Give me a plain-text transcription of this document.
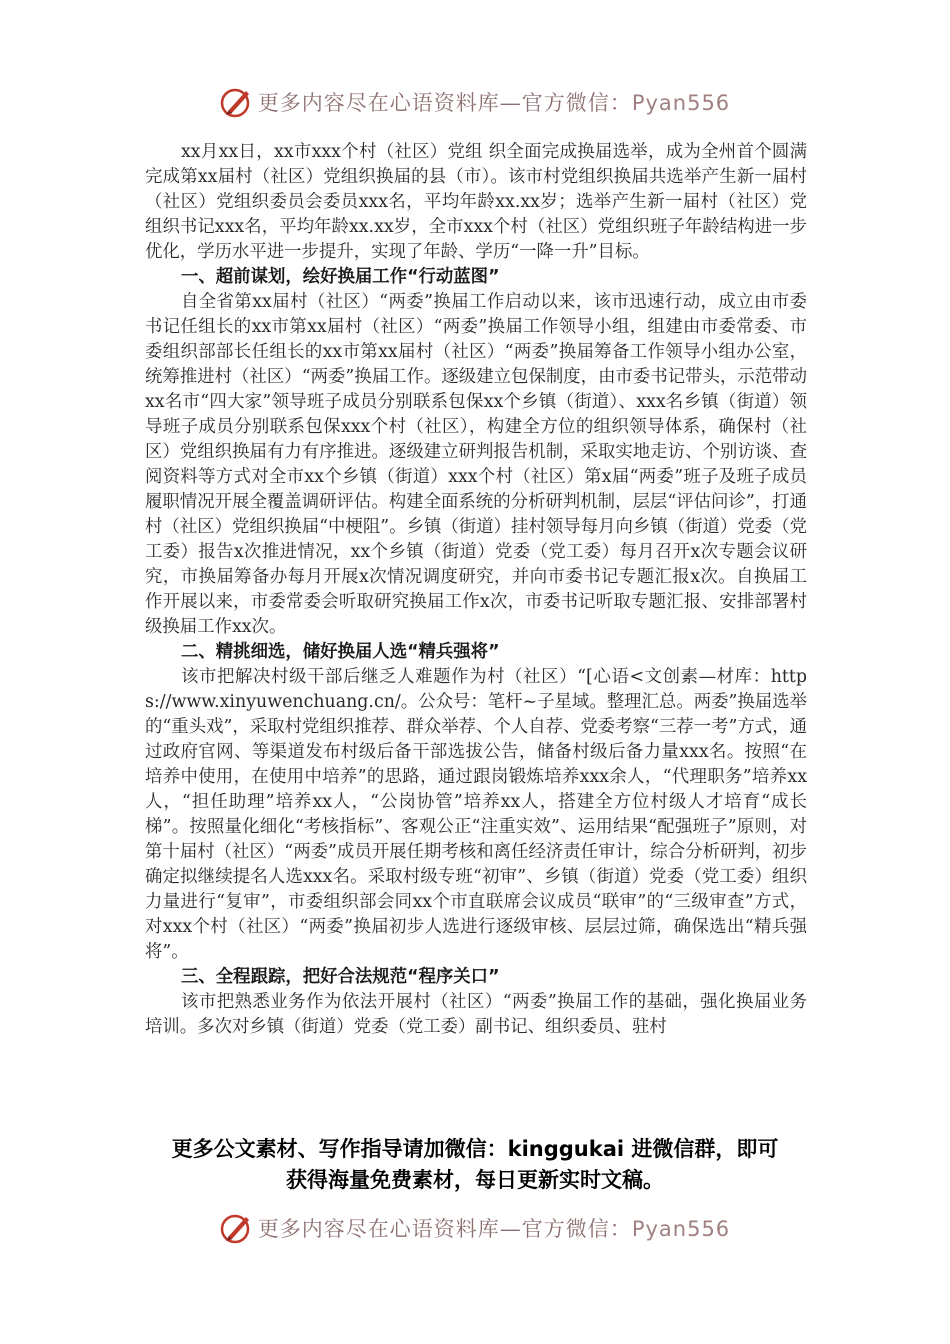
更多内容尽在心语资料库—官方微信：Pyan556

xx月xx日，xx市xxx个村（社区）党组 织全面完成换届选举，成为全州首个圆满完成第xx届村（社区）党组织换届的县（市）。该市村党组织换届共选举产生新一届村（社区）党组织委员会委员xxx名，平均年龄xx.xx岁；选举产生新一届村（社区）党组织书记xxx名，平均年龄xx.xx岁，全市xxx个村（社区）党组织班子年龄结构进一步优化，学历水平进一步提升，实现了年龄、学历“一降一升”目标。

一、超前谋划，绘好换届工作“行动蓝图”

自全省第xx届村（社区）“两委”换届工作启动以来，该市迅速行动，成立由市委书记任组长的xx市第xx届村（社区）“两委”换届工作领导小组，组建由市委常委、市委组织部部长任组长的xx市第xx届村（社区）“两委”换届筹备工作领导小组办公室，统筹推进村（社区）“两委”换届工作。逐级建立包保制度，由市委书记带头，示范带动xx名市“四大家”领导班子成员分别联系包保xx个乡镇（街道）、xxx名乡镇（街道）领导班子成员分别联系包保xxx个村（社区），构建全方位的组织领导体系，确保村（社区）党组织换届有力有序推进。逐级建立研判报告机制，采取实地走访、个别访谈、查阅资料等方式对全市xx个乡镇（街道）xxx个村（社区）第x届“两委”班子及班子成员履职情况开展全覆盖调研评估。构建全面系统的分析研判机制，层层“评估问诊”，打通村（社区）党组织换届“中梗阻”。乡镇（街道）挂村领导每月向乡镇（街道）党委（党工委）报告x次推进情况，xx个乡镇（街道）党委（党工委）每月召开x次专题会议研究，市换届筹备办每月开展x次情况调度研究，并向市委书记专题汇报x次。自换届工作开展以来，市委常委会听取研究换届工作x次，市委书记听取专题汇报、安排部署村级换届工作xx次。

二、精挑细选，储好换届人选“精兵强将”

该市把解决村级干部后继乏人难题作为村（社区）“[心语<文创素—材库：https://www.xinyuwenchuang.cn/。公众号：笔杆~子星域。整理汇总。两委”换届选举的“重头戏”，采取村党组织推荐、群众举荐、个人自荐、党委考察“三荐一考”方式，通过政府官网、等渠道发布村级后备干部选拔公告，储备村级后备力量xxx名。按照“在培养中使用，在使用中培养”的思路，通过跟岗锻炼培养xxx余人，“代理职务”培养xx人，“担任助理”培养xx人，“公岗协管”培养xx人，搭建全方位村级人才培育“成长梯”。按照量化细化“考核指标”、客观公正“注重实效”、运用结果“配强班子”原则，对第十届村（社区）“两委”成员开展任期考核和离任经济责任审计，综合分析研判，初步确定拟继续提名人选xxx名。采取村级专班“初审”、乡镇（街道）党委（党工委）组织力量进行“复审”，市委组织部会同xx个市直联席会议成员“联审”的“三级审查”方式，对xxx个村（社区）“两委”换届初步人选进行逐级审核、层层过筛，确保选出“精兵强将”。

三、全程跟踪，把好合法规范“程序关口”

该市把熟悉业务作为依法开展村（社区）“两委”换届工作的基础，强化换届业务培训。多次对乡镇（街道）党委（党工委）副书记、组织委员、驻村

更多公文素材、写作指导请加微信：kinggukai 进微信群，即可
获得海量免费素材，每日更新实时文稿。
更多内容尽在心语资料库—官方微信：Pyan556
